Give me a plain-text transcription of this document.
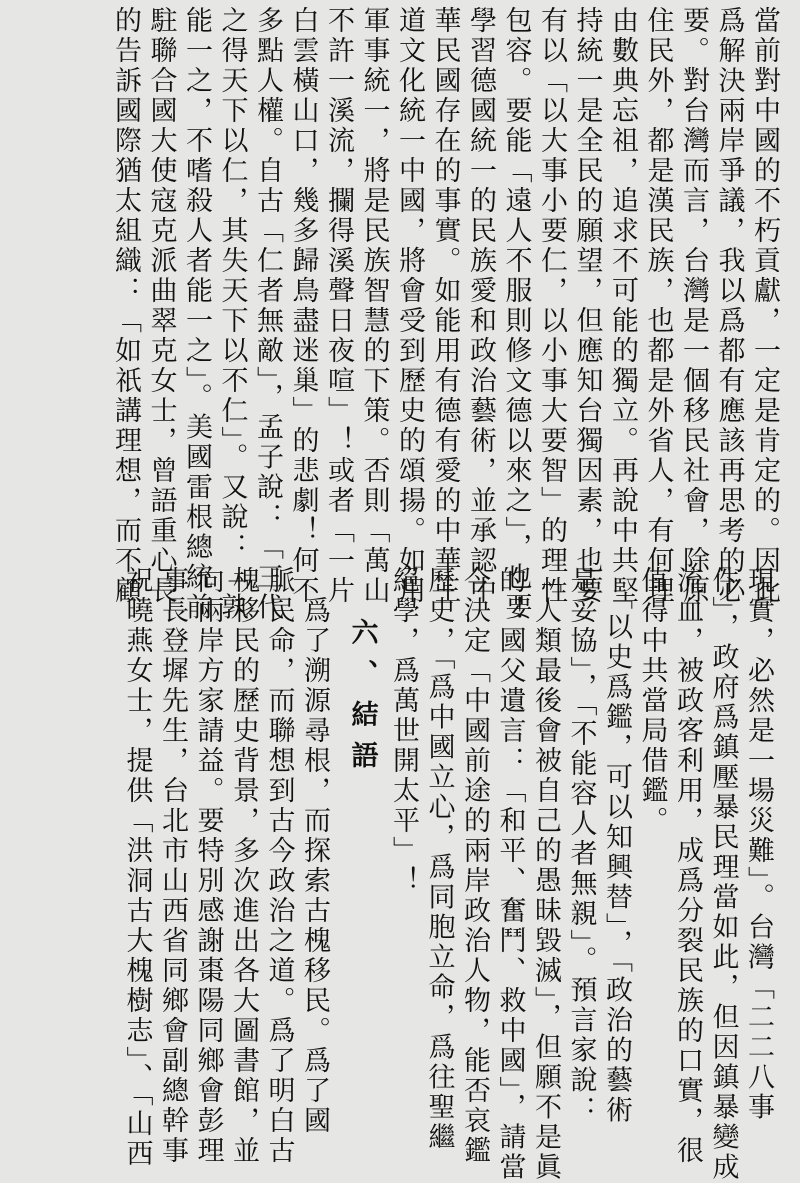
當前對中國的不朽貢獻，一定是肯定的。因此

爲解決兩岸爭議，我以爲都有應該再思考的必

要。對台灣而言，台灣是一個移民社會，除原

住民外，都是漢民族，也都是外省人，有何理

由數典忘祖，追求不可能的獨立。再說中共堅

持統一是全民的願望，但應知台獨因素，也要

有以「以大事小要仁，以小事大要智」的理性

包容。要能「遠人不服則修文德以來之」，也要

學習德國統一的民族愛和政治藝術，並承認中

華民國存在的事實。如能用有德有愛的中華王

道文化統一中國，將會受到歷史的頌揚。如用

軍事統一，將是民族智慧的下策。否則「萬山

不許一溪流，攔得溪聲日夜喧」！或者「一片

白雲橫山口，幾多歸鳥盡迷巢」的悲劇！何不

多點人權。自古「仁者無敵」，孟子說：「三代

之得天下以仁，其失天下以不仁」。又說：「孰

能一之，不嗜殺人者能一之」。美國雷根總統前

駐聯合國大使寇克派曲翠克女士，曾語重心長

的告訴國際猶太組織：「如祇講理想，而不顧

現實，必然是一場災難」。台灣「二二八事

件」，政府爲鎮壓暴民理當如此，但因鎮暴變成

流血，被政客利用，成爲分裂民族的口實，很

值得中共當局借鑑。

　「以史爲鑑，可以知興替」，「政治的藝術

是妥協」，「不能容人者無親」。預言家說：

「人類最後會被自己的愚昧毀滅」，但願不是眞

的！國父遺言：「和平、奮鬥、救中國」，請當

今決定「中國前途的兩岸政治人物，能否哀鑑

歷史，「爲中國立心，爲同胞立命，爲往聖繼

絕學，爲萬世開太平」！

六、結語

　爲了溯源尋根，而探索古槐移民。爲了國

脈民命，而聯想到古今政治之道。爲了明白古

槐移民的歷史背景，多次進出各大圖書館，並

向兩岸方家請益。要特別感謝棗陽同鄉會彭理

事長登墀先生，台北市山西省同鄉會副總幹事

祝曉燕女士，提供「洪洞古大槐樹志」、「山西
